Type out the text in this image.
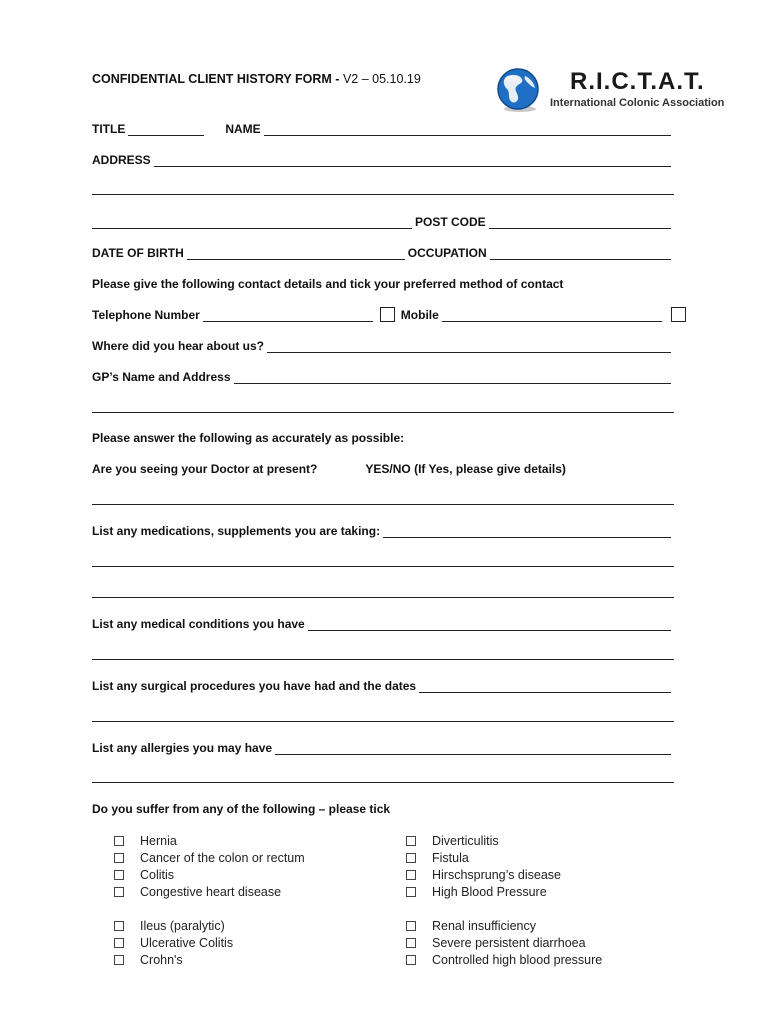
CONFIDENTIAL CLIENT HISTORY FORM - V2 – 05.10.19	R.I.C.T.A.T.
International Colonic Association
TITLE	NAME
ADDRESS
POST CODE
DATE OF BIRTH	OCCUPATION
Please give the following contact details and tick your preferred method of contact
Telephone Number	Mobile
Where did you hear about us?
GP’s Name and Address
Please answer the following as accurately as possible:
Are you seeing your Doctor at present?	YES/NO (If Yes, please give details)
List any medications, supplements you are taking:
List any medical conditions you have
List any surgical procedures you have had and the dates
List any allergies you may have
Do you suffer from any of the following – please tick
Hernia
Cancer of the colon or rectum
Colitis
Congestive heart disease
Ileus (paralytic)
Ulcerative Colitis
Crohn's
Diverticulitis
Fistula
Hirschsprung’s disease
High Blood Pressure
Renal insufficiency
Severe persistent diarrhoea
Controlled high blood pressure
